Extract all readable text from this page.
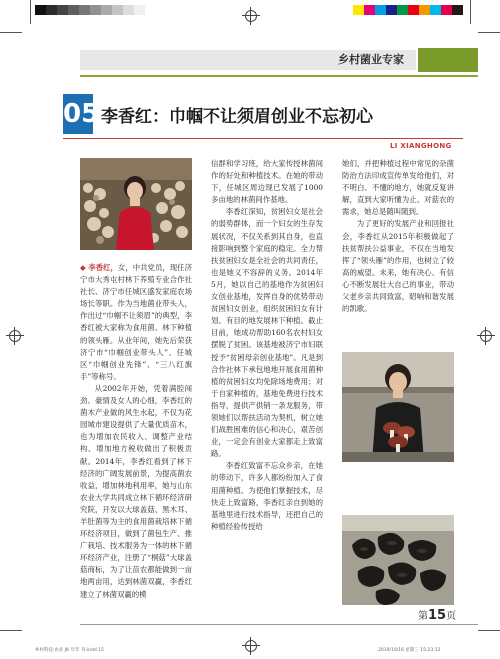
乡村菌业专家
05 李香红：巾帼不让须眉创业不忘初心
LI XIANGHONG

◆ 李香红，女，中共党员，现任济宁市大秀屯村林下养殖专业合作社社长、济宁市任城区盛发家庭农场场长等职。作为当地菌业带头人，作出过“巾帼不让须眉”的典型，李香红被大家称为食用菌、林下种植的领头雁。从业年间，她先后荣获济宁市“巾帼创业带头人”、任城区“巾帼创业先锋”、“三八红旗手”等称号。

从2002年开始，凭着满腔闯劲、豪情及女人的心细，李香红的菌木产业做的风生水起，不仅为花园城市建设提供了大量优质苗木，也为增加农民收入、调整产业结构、增加地方税收做出了积极贡献。2014年，李香红看到了林下经济的广阔发展前景，为提高菌农收益，增加林地利用率，她与山东农业大学共同成立林下循环经济研究院，开发以大球盖菇、黑木耳、羊肚菌等为主的食用菌栽培林下循环经济项目，做到了菌包生产、推广栽培、技术服务为一体的林下循环经济产业，注册了“桐菇”大球盖菇商标，为了让苗农都能做到一亩地两亩用，达到林菌双赢，李香红建立了林菌双赢的模

信群和学习班，给大家传授林菌间作的好处和种植技术。在她的带动下，任城区周边现已发展了1000多亩地的林菌间作基地。

李香红深知，贫困妇女是社会的弱势群体，而一个妇女的生存发展状况，不仅关系到其自身，也直接影响到整个家庭的稳定。全力帮扶贫困妇女是全社会的共同责任，也是她义不容辞的义务。2014年5月，她以自己的基地作为贫困妇女创业基地，发挥自身的优势带动贫困妇女创业，组织贫困妇女有计划、有目的地发展林下种植。截止目前，她成功帮助160名农村妇女摆脱了贫困。该基地被济宁市妇联授予“贫困母亲创业基地”。凡是到合作社林下承包地地开展食用菌种植的贫困妇女均免除场地费用；对于自家种植的，基地免费进行技术指导，提供产供销一条龙服务，带领她们以帮扶活动为契机，树立她们战胜困难的信心和决心，艰苦创业，一定会有创业大家都走上致富路。

李香红致富不忘众乡亲，在她的带动下，许多人都纷纷加入了食用菌种植。为使他们掌握技术，尽快走上致富路，李香红亲自到她的基地里进行技术指导，还把自己的种植经验传授给

她们，并把种植过程中常见的杂菌防治方法印成宣传单发给他们，对不明白、不懂的地方，她就反复讲解，直到大家听懂为止。对菇农的需求，她总是随叫随到。

为了更好的发展产业和回报社会，李香红从2015年积极做起了扶贫帮扶公益事业，不仅在当地发挥了“领头雁”的作用，也树立了较高的威望。未来，她有决心、有信心不断发展壮大自己的事业，带动父老乡亲共同致富，昭响和谐发展的凯歌。

第15页
乡村科技·农业 JK 年年 刊·indd 15	2019/10/16 星期三 15:23:12
